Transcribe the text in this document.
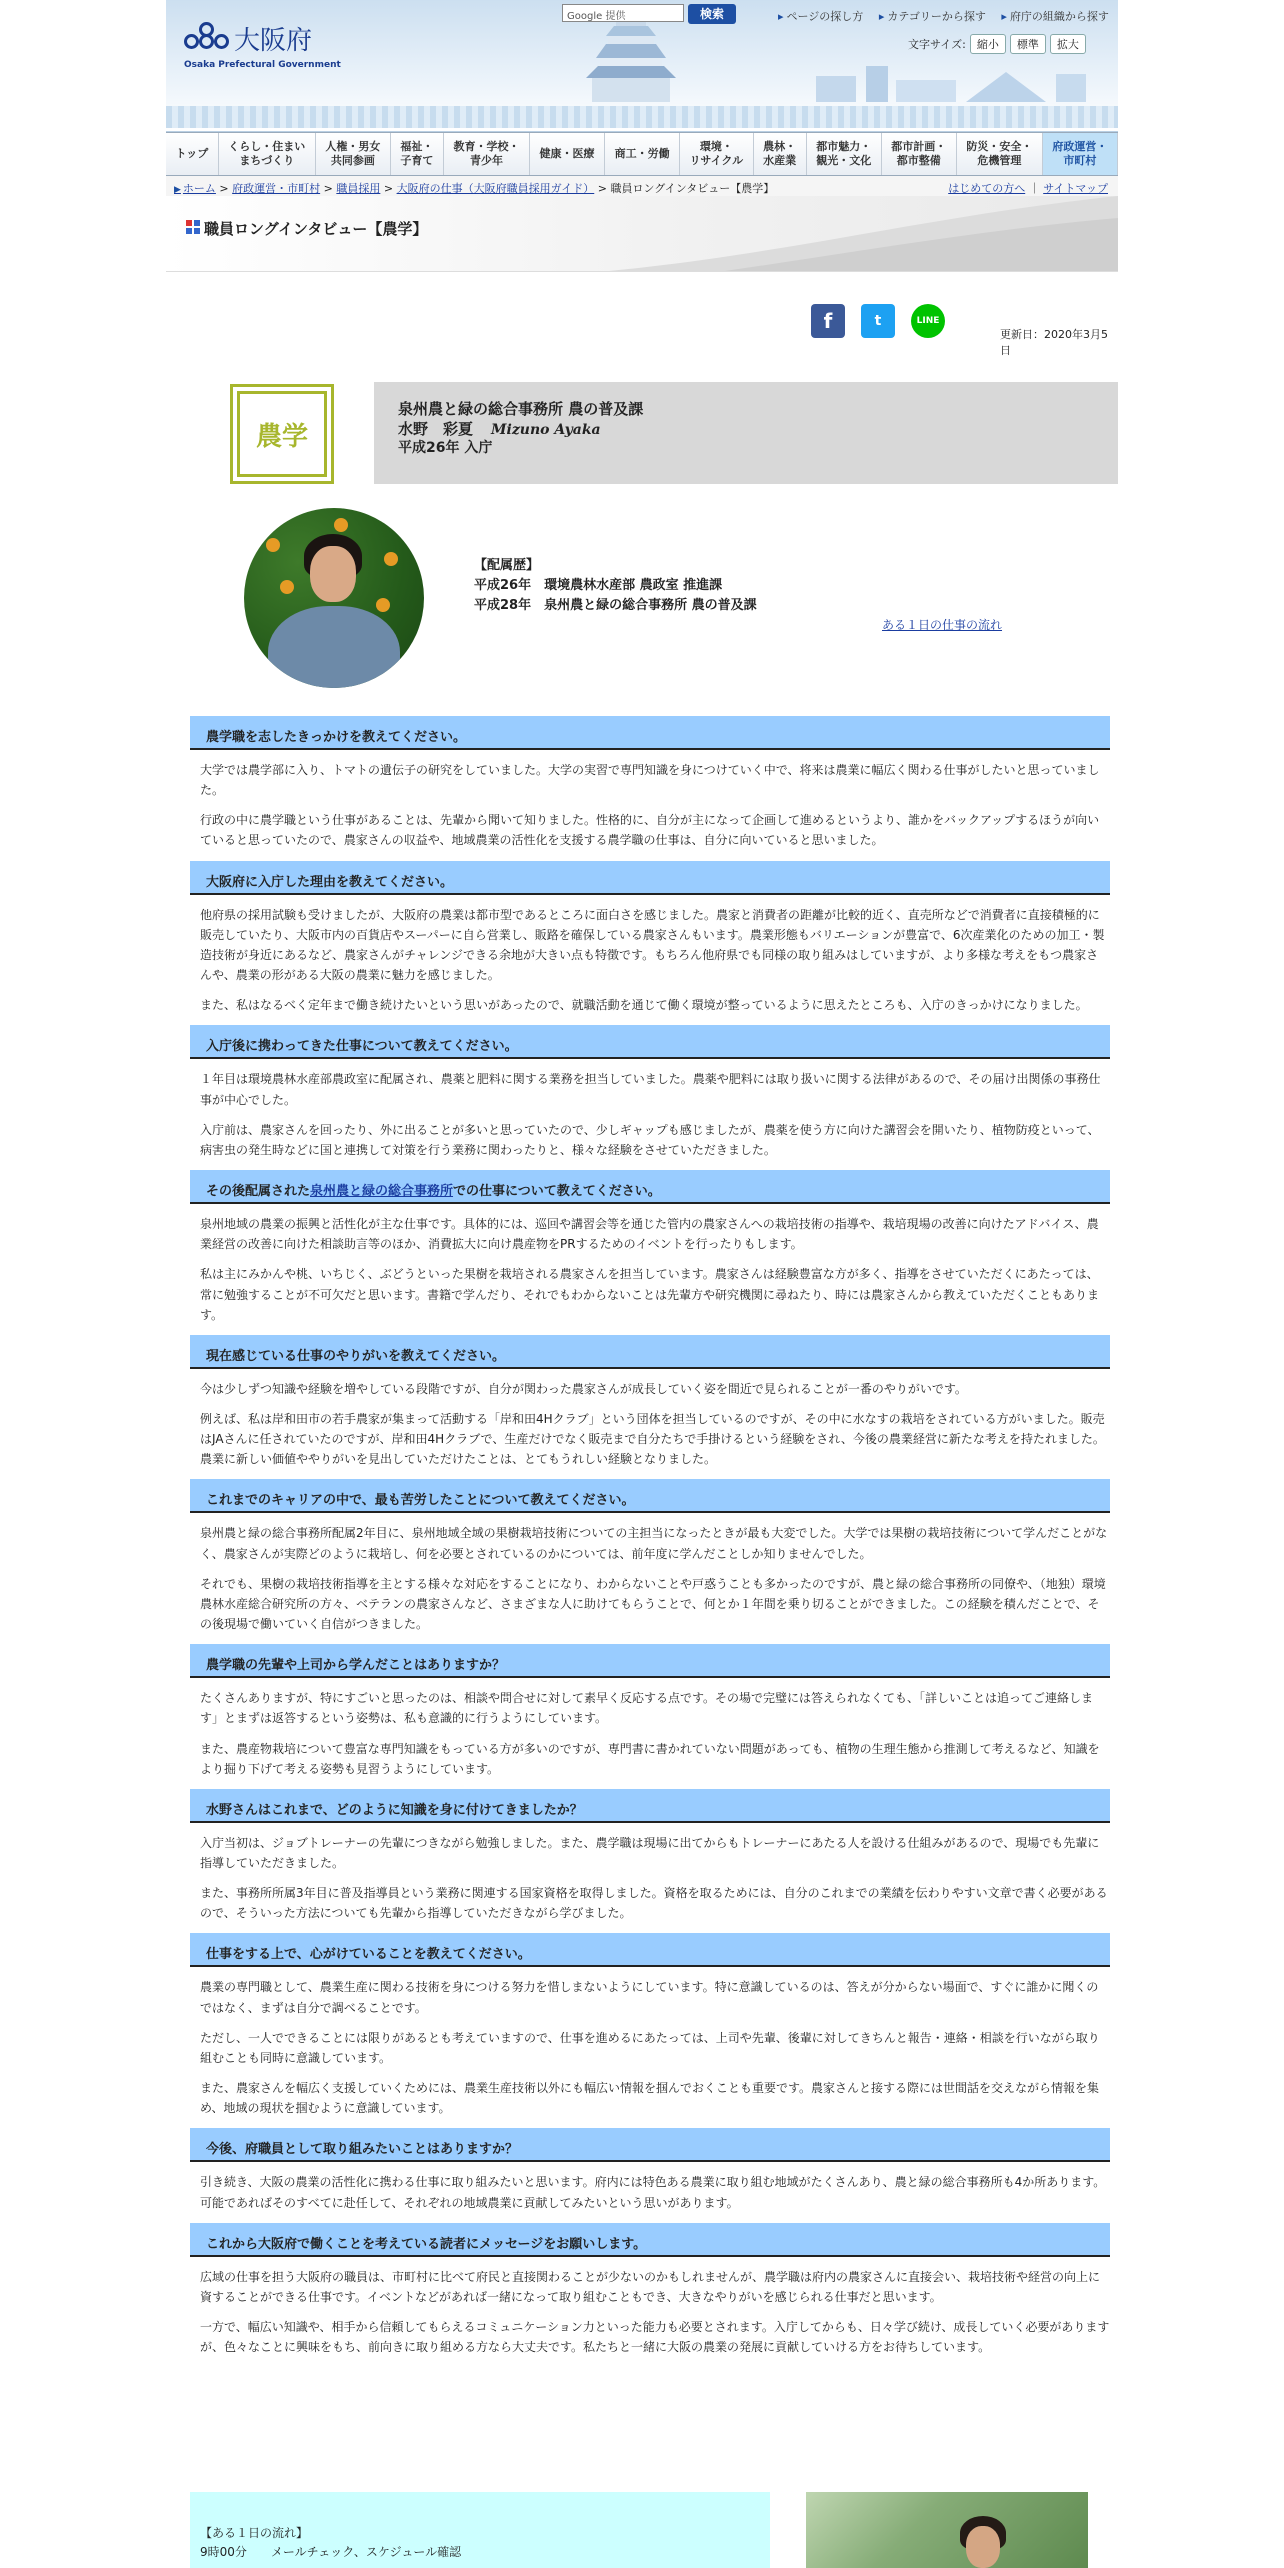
大阪府
Osaka Prefectural Government
Google 提供	検索	▸ ページの探し方 ▸ カテゴリーから探す ▸ 府庁の組織から探す
文字サイズ:	縮小	標準	拡大
トップ
くらし・住まい
まちづくり
人権・男女
共同参画
福祉・
子育て
教育・学校・
青少年
健康・医療 商工・労働
環境・
リサイクル
農林・
水産業
都市魅力・
観光・文化
都市計画・
都市整備
防災・安全・
危機管理
府政運営・
市町村
▶ ホーム > 府政運営・市町村 > 職員採用 > 大阪府の仕事（大阪府職員採用ガイド） > 職員ロングインタビュー【農学】	はじめての方へ ｜ サイトマップ
職員ロングインタビュー【農学】
f	t	LINE
更新日：2020年3月5日
農学
泉州農と緑の総合事務所 農の普及課
水野　彩夏 Mizuno Ayaka
平成26年 入庁
【配属歴】
平成26年　環境農林水産部 農政室 推進課
平成28年　泉州農と緑の総合事務所 農の普及課
ある１日の仕事の流れ
農学職を志したきっかけを教えてください。

大学では農学部に入り、トマトの遺伝子の研究をしていました。大学の実習で専門知識を身につけていく中で、将来は農業に幅広く関わる仕事がしたいと思っていました。

行政の中に農学職という仕事があることは、先輩から聞いて知りました。性格的に、自分が主になって企画して進めるというより、誰かをバックアップするほうが向いていると思っていたので、農家さんの収益や、地域農業の活性化を支援する農学職の仕事は、自分に向いていると思いました。

大阪府に入庁した理由を教えてください。

他府県の採用試験も受けましたが、大阪府の農業は都市型であるところに面白さを感じました。農家と消費者の距離が比較的近く、直売所などで消費者に直接積極的に販売していたり、大阪市内の百貨店やスーパーに自ら営業し、販路を確保している農家さんもいます。農業形態もバリエーションが豊富で、6次産業化のための加工・製造技術が身近にあるなど、農家さんがチャレンジできる余地が大きい点も特徴です。もちろん他府県でも同様の取り組みはしていますが、より多様な考えをもつ農家さんや、農業の形がある大阪の農業に魅力を感じました。

また、私はなるべく定年まで働き続けたいという思いがあったので、就職活動を通じて働く環境が整っているように思えたところも、入庁のきっかけになりました。

入庁後に携わってきた仕事について教えてください。

１年目は環境農林水産部農政室に配属され、農薬と肥料に関する業務を担当していました。農薬や肥料には取り扱いに関する法律があるので、その届け出関係の事務仕事が中心でした。

入庁前は、農家さんを回ったり、外に出ることが多いと思っていたので、少しギャップも感じましたが、農薬を使う方に向けた講習会を開いたり、植物防疫といって、病害虫の発生時などに国と連携して対策を行う業務に関わったりと、様々な経験をさせていただきました。

その後配属された泉州農と緑の総合事務所での仕事について教えてください。

泉州地域の農業の振興と活性化が主な仕事です。具体的には、巡回や講習会等を通じた管内の農家さんへの栽培技術の指導や、栽培現場の改善に向けたアドバイス、農業経営の改善に向けた相談助言等のほか、消費拡大に向け農産物をPRするためのイベントを行ったりもします。

私は主にみかんや桃、いちじく、ぶどうといった果樹を栽培される農家さんを担当しています。農家さんは経験豊富な方が多く、指導をさせていただくにあたっては、常に勉強することが不可欠だと思います。書籍で学んだり、それでもわからないことは先輩方や研究機関に尋ねたり、時には農家さんから教えていただくこともあります。

現在感じている仕事のやりがいを教えてください。

今は少しずつ知識や経験を増やしている段階ですが、自分が関わった農家さんが成長していく姿を間近で見られることが一番のやりがいです。

例えば、私は岸和田市の若手農家が集まって活動する「岸和田4Hクラブ」という団体を担当しているのですが、その中に水なすの栽培をされている方がいました。販売はJAさんに任されていたのですが、岸和田4Hクラブで、生産だけでなく販売まで自分たちで手掛けるという経験をされ、今後の農業経営に新たな考えを持たれました。農業に新しい価値ややりがいを見出していただけたことは、とてもうれしい経験となりました。

これまでのキャリアの中で、最も苦労したことについて教えてください。

泉州農と緑の総合事務所配属2年目に、泉州地域全域の果樹栽培技術についての主担当になったときが最も大変でした。大学では果樹の栽培技術について学んだことがなく、農家さんが実際どのように栽培し、何を必要とされているのかについては、前年度に学んだことしか知りませんでした。

それでも、果樹の栽培技術指導を主とする様々な対応をすることになり、わからないことや戸惑うことも多かったのですが、農と緑の総合事務所の同僚や、（地独）環境農林水産総合研究所の方々、ベテランの農家さんなど、さまざまな人に助けてもらうことで、何とか１年間を乗り切ることができました。この経験を積んだことで、その後現場で働いていく自信がつきました。

農学職の先輩や上司から学んだことはありますか？

たくさんありますが、特にすごいと思ったのは、相談や問合せに対して素早く反応する点です。その場で完璧には答えられなくても、「詳しいことは追ってご連絡します」とまずは返答するという姿勢は、私も意識的に行うようにしています。

また、農産物栽培について豊富な専門知識をもっている方が多いのですが、専門書に書かれていない問題があっても、植物の生理生態から推測して考えるなど、知識をより掘り下げて考える姿勢も見習うようにしています。

水野さんはこれまで、どのように知識を身に付けてきましたか？

入庁当初は、ジョブトレーナーの先輩につきながら勉強しました。また、農学職は現場に出てからもトレーナーにあたる人を設ける仕組みがあるので、現場でも先輩に指導していただきました。

また、事務所所属3年目に普及指導員という業務に関連する国家資格を取得しました。資格を取るためには、自分のこれまでの業績を伝わりやすい文章で書く必要があるので、そういった方法についても先輩から指導していただきながら学びました。

仕事をする上で、心がけていることを教えてください。

農業の専門職として、農業生産に関わる技術を身につける努力を惜しまないようにしています。特に意識しているのは、答えが分からない場面で、すぐに誰かに聞くのではなく、まずは自分で調べることです。

ただし、一人でできることには限りがあるとも考えていますので、仕事を進めるにあたっては、上司や先輩、後輩に対してきちんと報告・連絡・相談を行いながら取り組むことも同時に意識しています。

また、農家さんを幅広く支援していくためには、農業生産技術以外にも幅広い情報を掴んでおくことも重要です。農家さんと接する際には世間話を交えながら情報を集め、地域の現状を掴むように意識しています。

今後、府職員として取り組みたいことはありますか？

引き続き、大阪の農業の活性化に携わる仕事に取り組みたいと思います。府内には特色ある農業に取り組む地域がたくさんあり、農と緑の総合事務所も4か所あります。可能であればそのすべてに赴任して、それぞれの地域農業に貢献してみたいという思いがあります。

これから大阪府で働くことを考えている読者にメッセージをお願いします。

広域の仕事を担う大阪府の職員は、市町村に比べて府民と直接関わることが少ないのかもしれませんが、農学職は府内の農家さんに直接会い、栽培技術や経営の向上に資することができる仕事です。イベントなどがあれば一緒になって取り組むこともでき、大きなやりがいを感じられる仕事だと思います。

一方で、幅広い知識や、相手から信頼してもらえるコミュニケーション力といった能力も必要とされます。入庁してからも、日々学び続け、成長していく必要がありますが、色々なことに興味をもち、前向きに取り組める方なら大丈夫です。私たちと一緒に大阪の農業の発展に貢献していける方をお待ちしています。

【ある１日の流れ】
9時00分　　メールチェック、スケジュール確認
